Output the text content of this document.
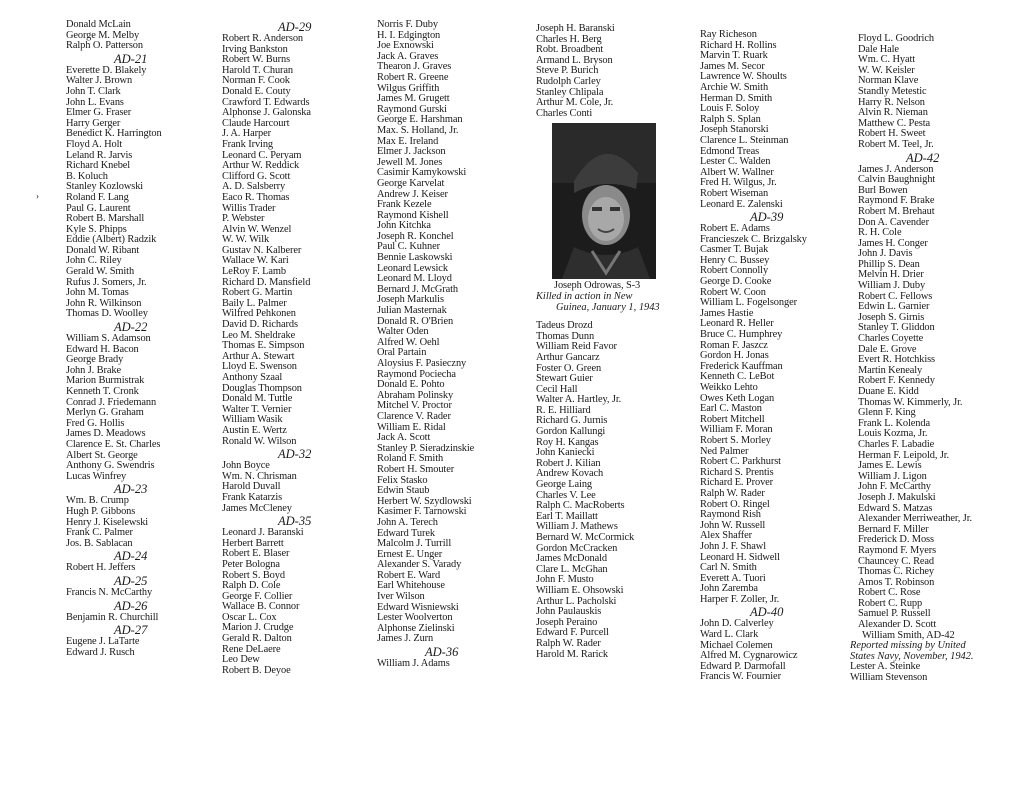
›
Donald McLain
George M. Melby
Ralph O. Patterson
AD-21
Everette D. Blakely
Walter J. Brown
John T. Clark
John L. Evans
Elmer G. Fraser
Harry Gerger
Benedict K. Harrington
Floyd A. Holt
Leland R. Jarvis
Richard Knebel
B. Koluch
Stanley Kozlowski
Roland F. Lang
Paul G. Laurent
Robert B. Marshall
Kyle S. Phipps
Eddie (Albert) Radzik
Donald W. Ribant
John C. Riley
Gerald W. Smith
Rufus J. Somers, Jr.
John M. Tomas
John R. Wilkinson
Thomas D. Woolley
AD-22
William S. Adamson
Edward H. Bacon
George Brady
John J. Brake
Marion Burmistrak
Kenneth T. Cronk
Conrad J. Friedemann
Merlyn G. Graham
Fred G. Hollis
James D. Meadows
Clarence E. St. Charles
Albert St. George
Anthony G. Swendris
Lucas Winfrey
AD-23
Wm. B. Crump
Hugh P. Gibbons
Henry J. Kiselewski
Frank C. Palmer
Jos. B. Sablacan
AD-24
Robert H. Jeffers
AD-25
Francis N. McCarthy
AD-26
Benjamin R. Churchill
AD-27
Eugene J. LaTarte
Edward J. Rusch
AD-29
Robert R. Anderson
Irving Bankston
Robert W. Burns
Harold T. Churan
Norman F. Cook
Donald E. Couty
Crawford T. Edwards
Alphonse J. Galonska
Claude Harcourt
J. A. Harper
Frank Irving
Leonard C. Peryam
Arthur W. Reddick
Clifford G. Scott
A. D. Salsberry
Eaco R. Thomas
Willis Trader
P. Webster
Alvin W. Wenzel
W. W. Wilk
Gustav N. Kalberer
Wallace W. Kari
LeRoy F. Lamb
Richard D. Mansfield
Robert G. Martin
Baily L. Palmer
Wilfred Pehkonen
David D. Richards
Leo M. Sheldrake
Thomas E. Simpson
Arthur A. Stewart
Lloyd E. Swenson
Anthony Szaal
Douglas Thompson
Donald M. Tuttle
Walter T. Vernier
William Wasik
Austin E. Wertz
Ronald W. Wilson
AD-32
John Boyce
Wm. N. Chrisman
Harold Duvall
Frank Katarzis
James McCleney
AD-35
Leonard J. Baranski
Herbert Barrett
Robert E. Blaser
Peter Bologna
Robert S. Boyd
Ralph D. Cole
George F. Collier
Wallace B. Connor
Oscar L. Cox
Marion J. Crudge
Gerald R. Dalton
Rene DeLaere
Leo Dew
Robert B. Deyoe
Norris F. Duby
H. I. Edgington
Joe Exnowski
Jack A. Graves
Thearon J. Graves
Robert R. Greene
Wilgus Griffith
James M. Grugett
Raymond Gurski
George E. Harshman
Max. S. Holland, Jr.
Max E. Ireland
Elmer J. Jackson
Jewell M. Jones
Casimir Kamykowski
George Karvelat
Andrew J. Keiser
Frank Kezele
Raymond Kishell
John Kitchka
Joseph R. Konchel
Paul C. Kuhner
Bennie Laskowski
Leonard Lewsick
Leonard M. Lloyd
Bernard J. McGrath
Joseph Markulis
Julian Masternak
Donald R. O'Brien
Walter Oden
Alfred W. Oehl
Oral Partain
Aloysius F. Pasieczny
Raymond Pociecha
Donald E. Pohto
Abraham Polinsky
Mitchel V. Proctor
Clarence V. Rader
William E. Ridal
Jack A. Scott
Stanley P. Sieradzinskie
Roland F. Smith
Robert H. Smouter
Felix Stasko
Edwin Staub
Herbert W. Szydlowski
Kasimer F. Tarnowski
John A. Terech
Edward Turek
Malcolm J. Turrill
Ernest E. Unger
Alexander S. Varady
Robert E. Ward
Earl Whitehouse
Iver Wilson
Edward Wisniewski
Lester Woolverton
Alphonse Zielinski
James J. Zurn
AD-36
William J. Adams
Joseph H. Baranski
Charles H. Berg
Robt. Broadbent
Armand L. Bryson
Steve P. Burich
Rudolph Carley
Stanley Chlipala
Arthur M. Cole, Jr.
Charles Conti
Joseph Odrowas, S-3
Killed in action in New
Guinea, January 1, 1943
Tadeus Drozd
Thomas Dunn
William Reid Favor
Arthur Gancarz
Foster O. Green
Stewart Guier
Cecil Hall
Walter A. Hartley, Jr.
R. E. Hilliard
Richard G. Jurnis
Gordon Kallungi
Roy H. Kangas
John Kaniecki
Robert J. Kilian
Andrew Kovach
George Laing
Charles V. Lee
Ralph C. MacRoberts
Earl T. Maillatt
William J. Mathews
Bernard W. McCormick
Gordon McCracken
James McDonald
Clare L. McGhan
John F. Musto
William E. Ohsowski
Arthur L. Pacholski
John Paulauskis
Joseph Peraino
Edward F. Purcell
Ralph W. Rader
Harold M. Rarick
Ray Richeson
Richard H. Rollins
Marvin T. Ruark
James M. Secor
Lawrence W. Shoults
Archie W. Smith
Herman D. Smith
Louis F. Soloy
Ralph S. Splan
Joseph Stanorski
Clarence L. Steinman
Edmond Treas
Lester C. Walden
Albert W. Wallner
Fred H. Wilgus, Jr.
Robert Wiseman
Leonard E. Zalenski
AD-39
Robert E. Adams
Francieszek C. Brizgalsky
Casmer T. Bujak
Henry C. Bussey
Robert Connolly
George D. Cooke
Robert W. Coon
William L. Fogelsonger
James Hastie
Leonard R. Heller
Bruce C. Humphrey
Roman F. Jaszcz
Gordon H. Jonas
Frederick Kauffman
Kenneth C. LeBot
Weikko Lehto
Owes Keth Logan
Earl C. Maston
Robert Mitchell
William F. Moran
Robert S. Morley
Ned Palmer
Robert C. Parkhurst
Richard S. Prentis
Richard E. Prover
Ralph W. Rader
Robert O. Ringel
Raymond Rish
John W. Russell
Alex Shaffer
John J. F. Shawl
Leonard H. Sidwell
Carl N. Smith
Everett A. Tuori
John Zaremba
Harper F. Zoller, Jr.
AD-40
John D. Calverley
Ward L. Clark
Michael Colemen
Alfred M. Cygnarowicz
Edward P. Darmofall
Francis W. Fournier
Floyd L. Goodrich
Dale Hale
Wm. C. Hyatt
W. W. Keisler
Norman Klave
Standly Metestic
Harry R. Nelson
Alvin R. Nieman
Matthew C. Pesta
Robert H. Sweet
Robert M. Teel, Jr.
AD-42
James J. Anderson
Calvin Baughnight
Burl Bowen
Raymond F. Brake
Robert M. Brehaut
Don A. Cavender
R. H. Cole
James H. Conger
John J. Davis
Phillip S. Dean
Melvin H. Drier
William J. Duby
Robert C. Fellows
Edwin L. Garnier
Joseph S. Girnis
Stanley T. Gliddon
Charles Coyette
Dale E. Grove
Evert R. Hotchkiss
Martin Kenealy
Robert F. Kennedy
Duane E. Kidd
Thomas W. Kimmerly, Jr.
Glenn F. King
Frank L. Kolenda
Louis Kozma, Jr.
Charles F. Labadie
Herman F. Leipold, Jr.
James E. Lewis
William J. Ligon
John F. McCarthy
Joseph J. Makulski
Edward S. Matzas
Alexander Merriweather, Jr.
Bernard F. Miller
Frederick D. Moss
Raymond F. Myers
Chauncey C. Read
Thomas C. Richey
Amos T. Robinson
Robert C. Rose
Robert C. Rupp
Samuel P. Russell
Alexander D. Scott
William Smith, AD-42
Reported missing by United
States Navy, November, 1942.
Lester A. Steinke
William Stevenson
